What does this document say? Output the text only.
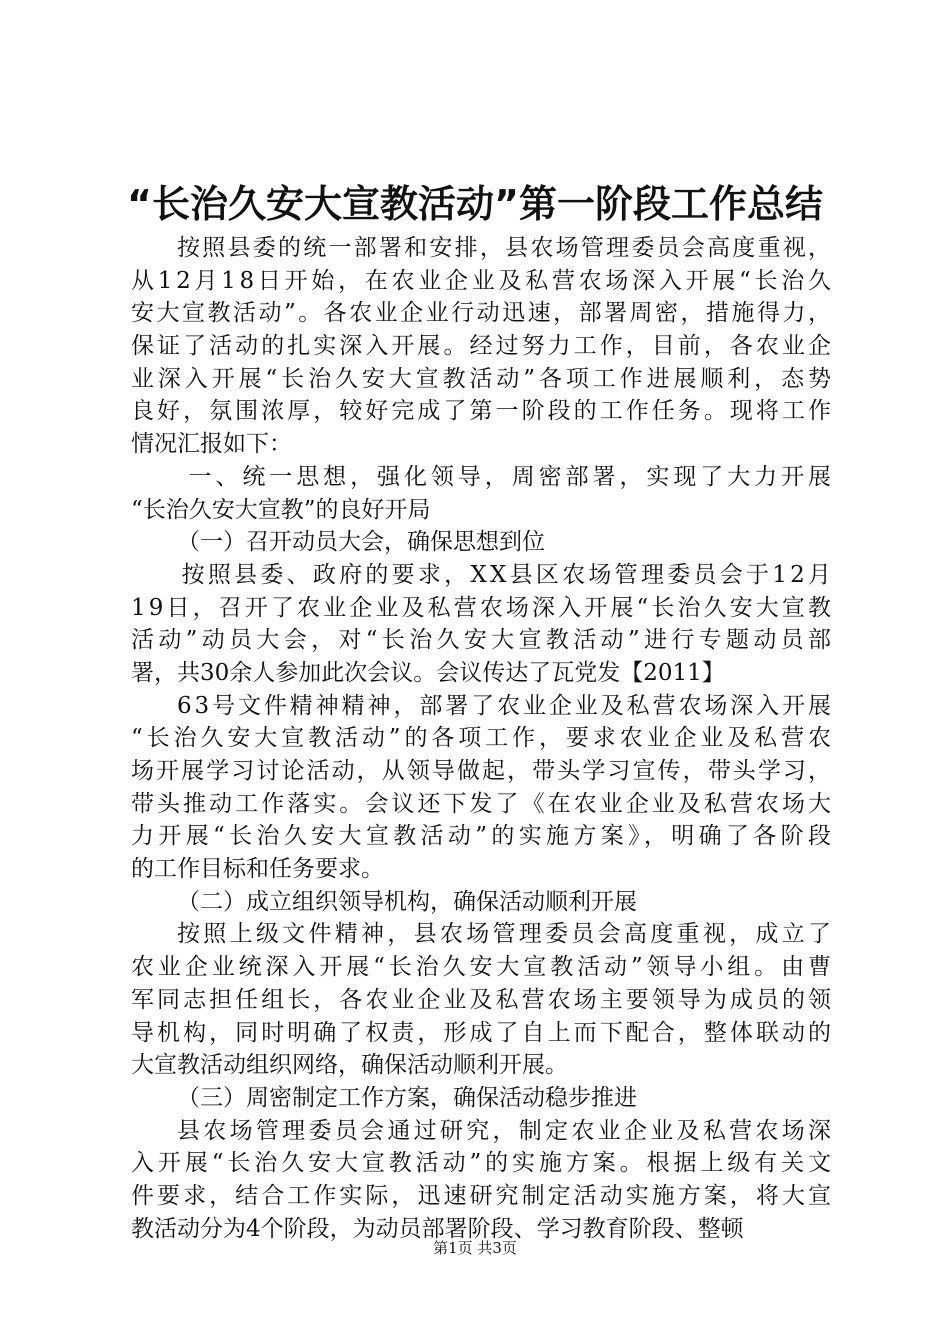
“长治久安大宣教活动”第一阶段工作总结
按照县委的统一部署和安排，县农场管理委员会高度重视，
从12月18日开始，在农业企业及私营农场深入开展“长治久
安大宣教活动”。各农业企业行动迅速，部署周密，措施得力，
保证了活动的扎实深入开展。经过努力工作，目前，各农业企
业深入开展“长治久安大宣教活动”各项工作进展顺利，态势
良好，氛围浓厚，较好完成了第一阶段的工作任务。现将工作
情况汇报如下：
一、统一思想，强化领导，周密部署，实现了大力开展
“长治久安大宣教”的良好开局
（一）召开动员大会，确保思想到位
按照县委、政府的要求，XX县区农场管理委员会于12月
19日，召开了农业企业及私营农场深入开展“长治久安大宣教
活动”动员大会，对“长治久安大宣教活动”进行专题动员部
署，共30余人参加此次会议。会议传达了瓦党发【2011】
63号文件精神精神，部署了农业企业及私营农场深入开展
“长治久安大宣教活动”的各项工作，要求农业企业及私营农
场开展学习讨论活动，从领导做起，带头学习宣传，带头学习，
带头推动工作落实。会议还下发了《在农业企业及私营农场大
力开展“长治久安大宣教活动”的实施方案》，明确了各阶段
的工作目标和任务要求。
（二）成立组织领导机构，确保活动顺利开展
按照上级文件精神，县农场管理委员会高度重视，成立了
农业企业统深入开展“长治久安大宣教活动”领导小组。由曹
军同志担任组长，各农业企业及私营农场主要领导为成员的领
导机构，同时明确了权责，形成了自上而下配合，整体联动的
大宣教活动组织网络，确保活动顺利开展。
（三）周密制定工作方案，确保活动稳步推进
县农场管理委员会通过研究，制定农业企业及私营农场深
入开展“长治久安大宣教活动”的实施方案。根据上级有关文
件要求，结合工作实际，迅速研究制定活动实施方案，将大宣
教活动分为4个阶段，为动员部署阶段、学习教育阶段、整顿
第1页 共3页
